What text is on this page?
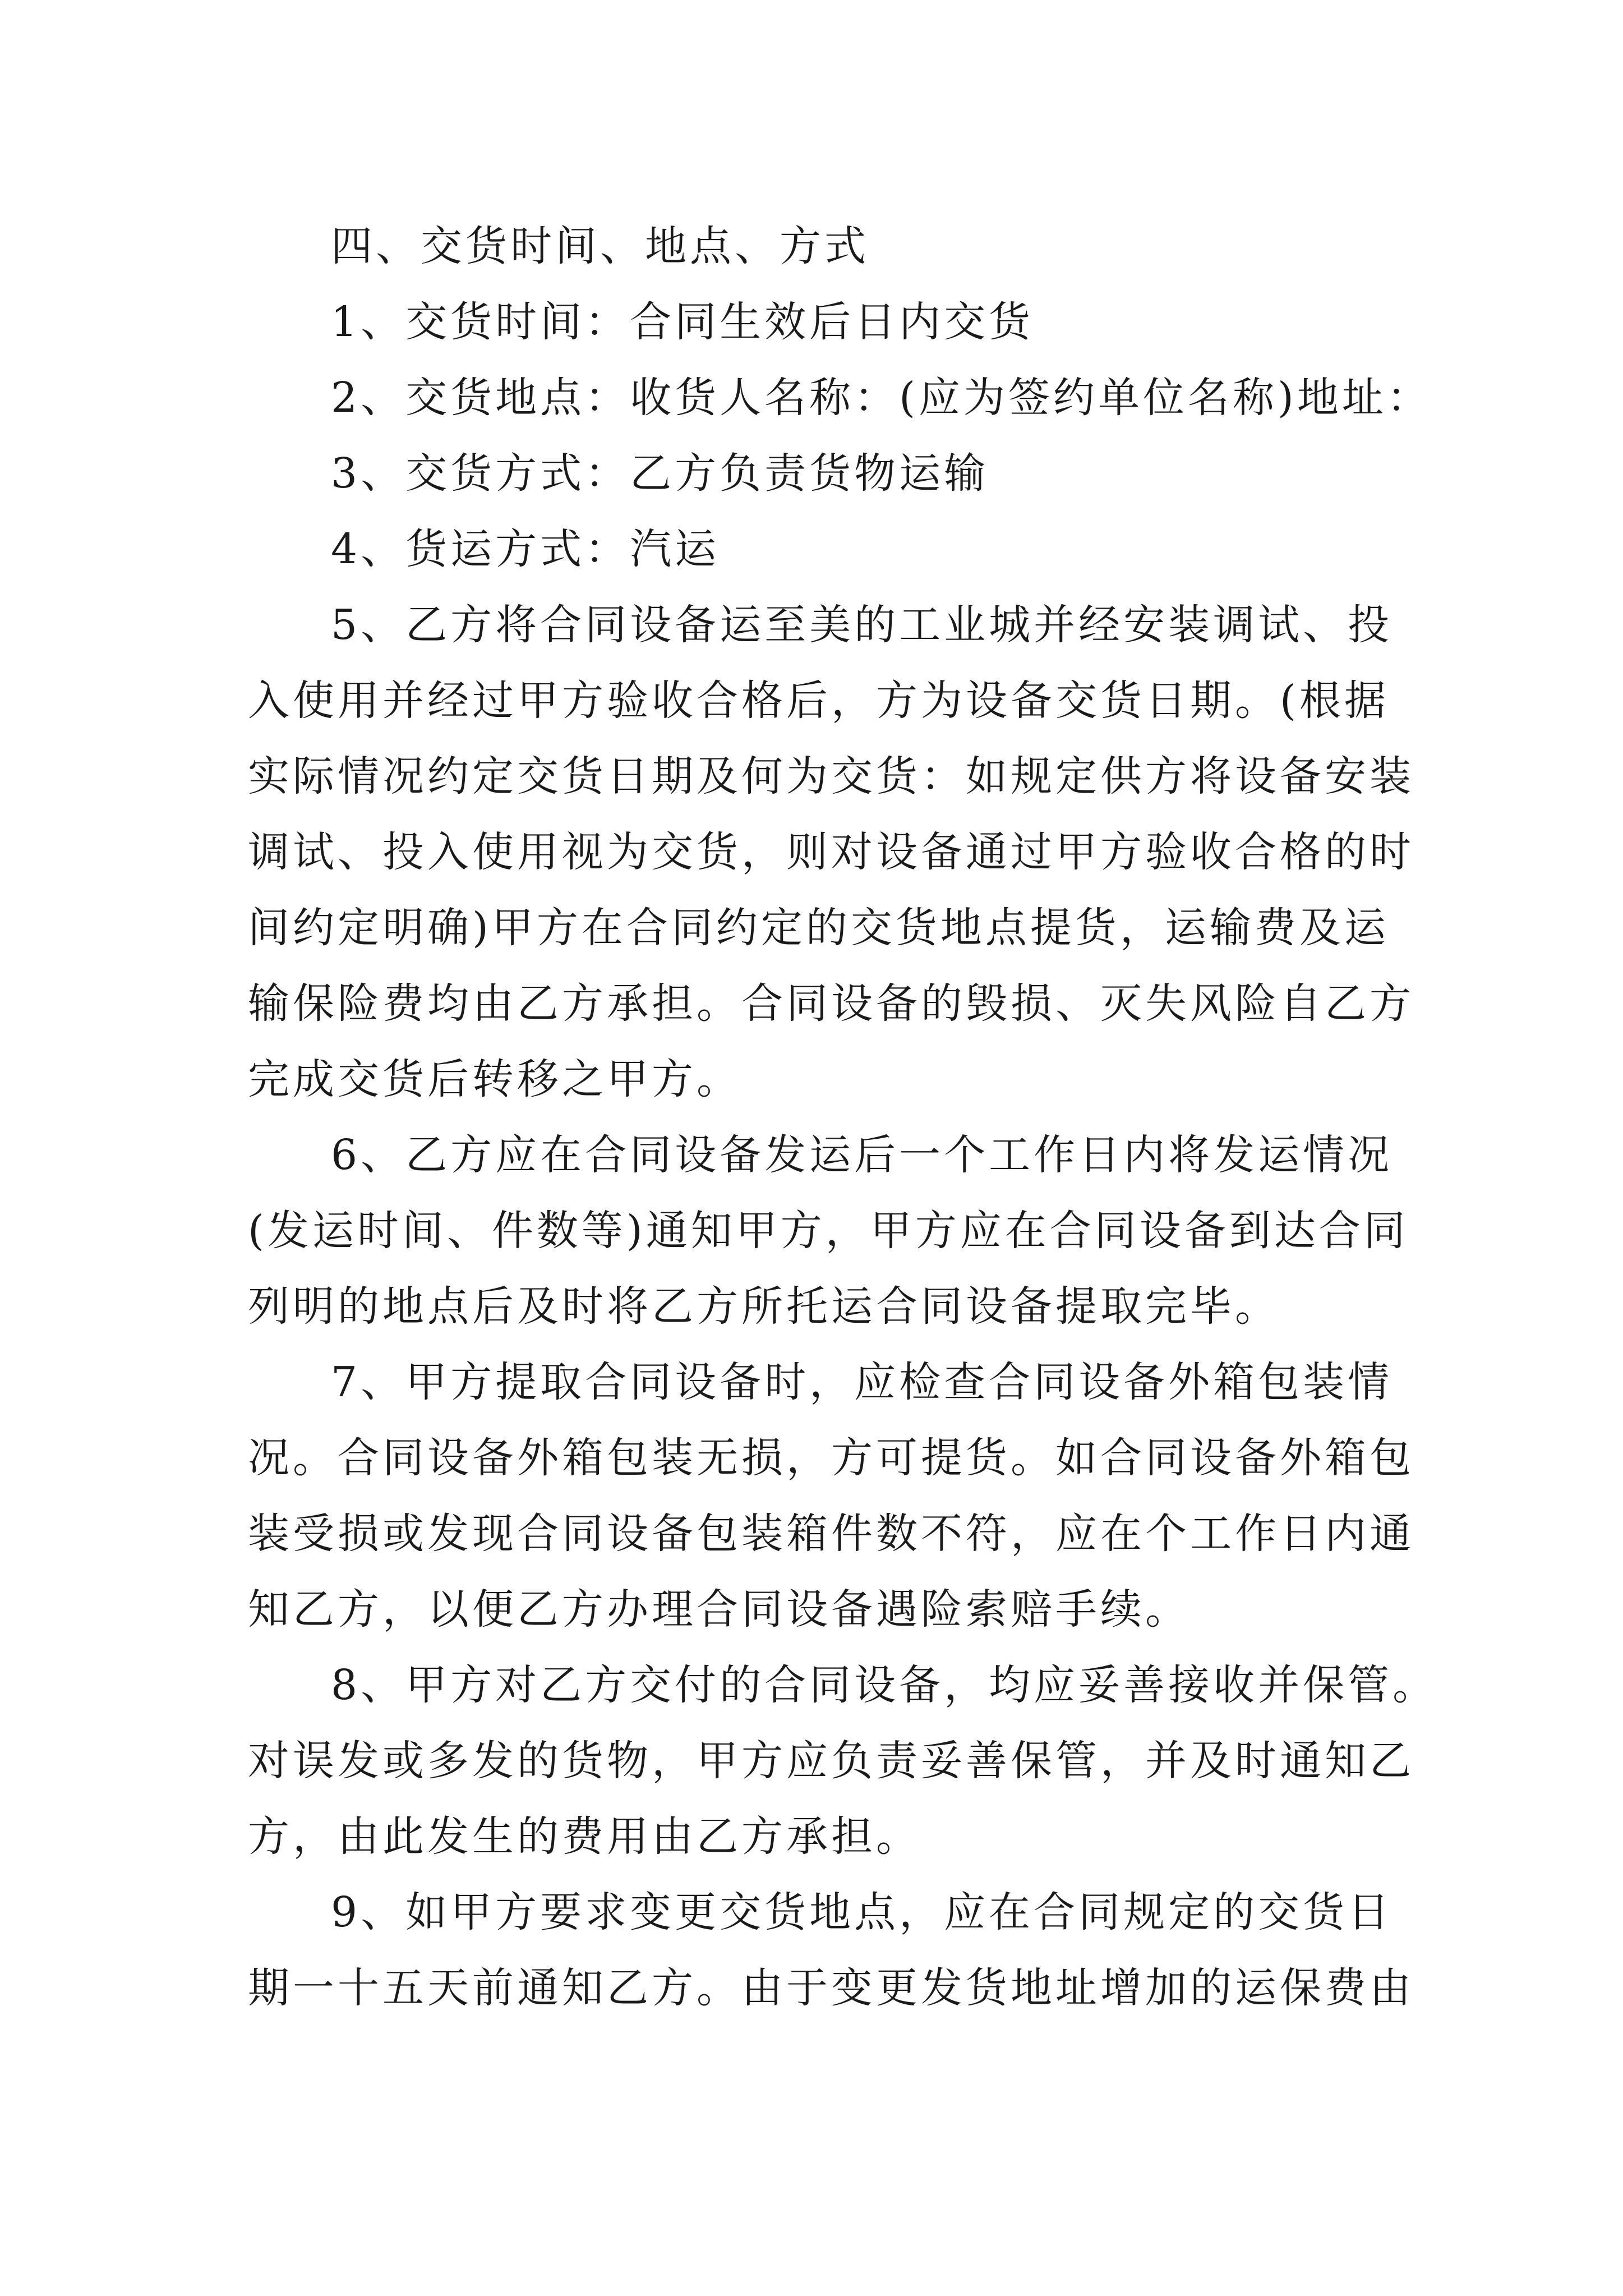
四、交货时间、地点、方式
1、交货时间：合同生效后日内交货
2、交货地点：收货人名称：(应为签约单位名称)地址：
3、交货方式：乙方负责货物运输
4、货运方式：汽运
5、乙方将合同设备运至美的工业城并经安装调试、投
入使用并经过甲方验收合格后，方为设备交货日期。(根据
实际情况约定交货日期及何为交货：如规定供方将设备安装
调试、投入使用视为交货，则对设备通过甲方验收合格的时
间约定明确)甲方在合同约定的交货地点提货，运输费及运
输保险费均由乙方承担。合同设备的毁损、灭失风险自乙方
完成交货后转移之甲方。
6、乙方应在合同设备发运后一个工作日内将发运情况
(发运时间、件数等)通知甲方，甲方应在合同设备到达合同
列明的地点后及时将乙方所托运合同设备提取完毕。
7、甲方提取合同设备时，应检查合同设备外箱包装情
况。合同设备外箱包装无损，方可提货。如合同设备外箱包
装受损或发现合同设备包装箱件数不符，应在个工作日内通
知乙方，以便乙方办理合同设备遇险索赔手续。
8、甲方对乙方交付的合同设备，均应妥善接收并保管。
对误发或多发的货物，甲方应负责妥善保管，并及时通知乙
方，由此发生的费用由乙方承担。
9、如甲方要求变更交货地点，应在合同规定的交货日
期一十五天前通知乙方。由于变更发货地址增加的运保费由
